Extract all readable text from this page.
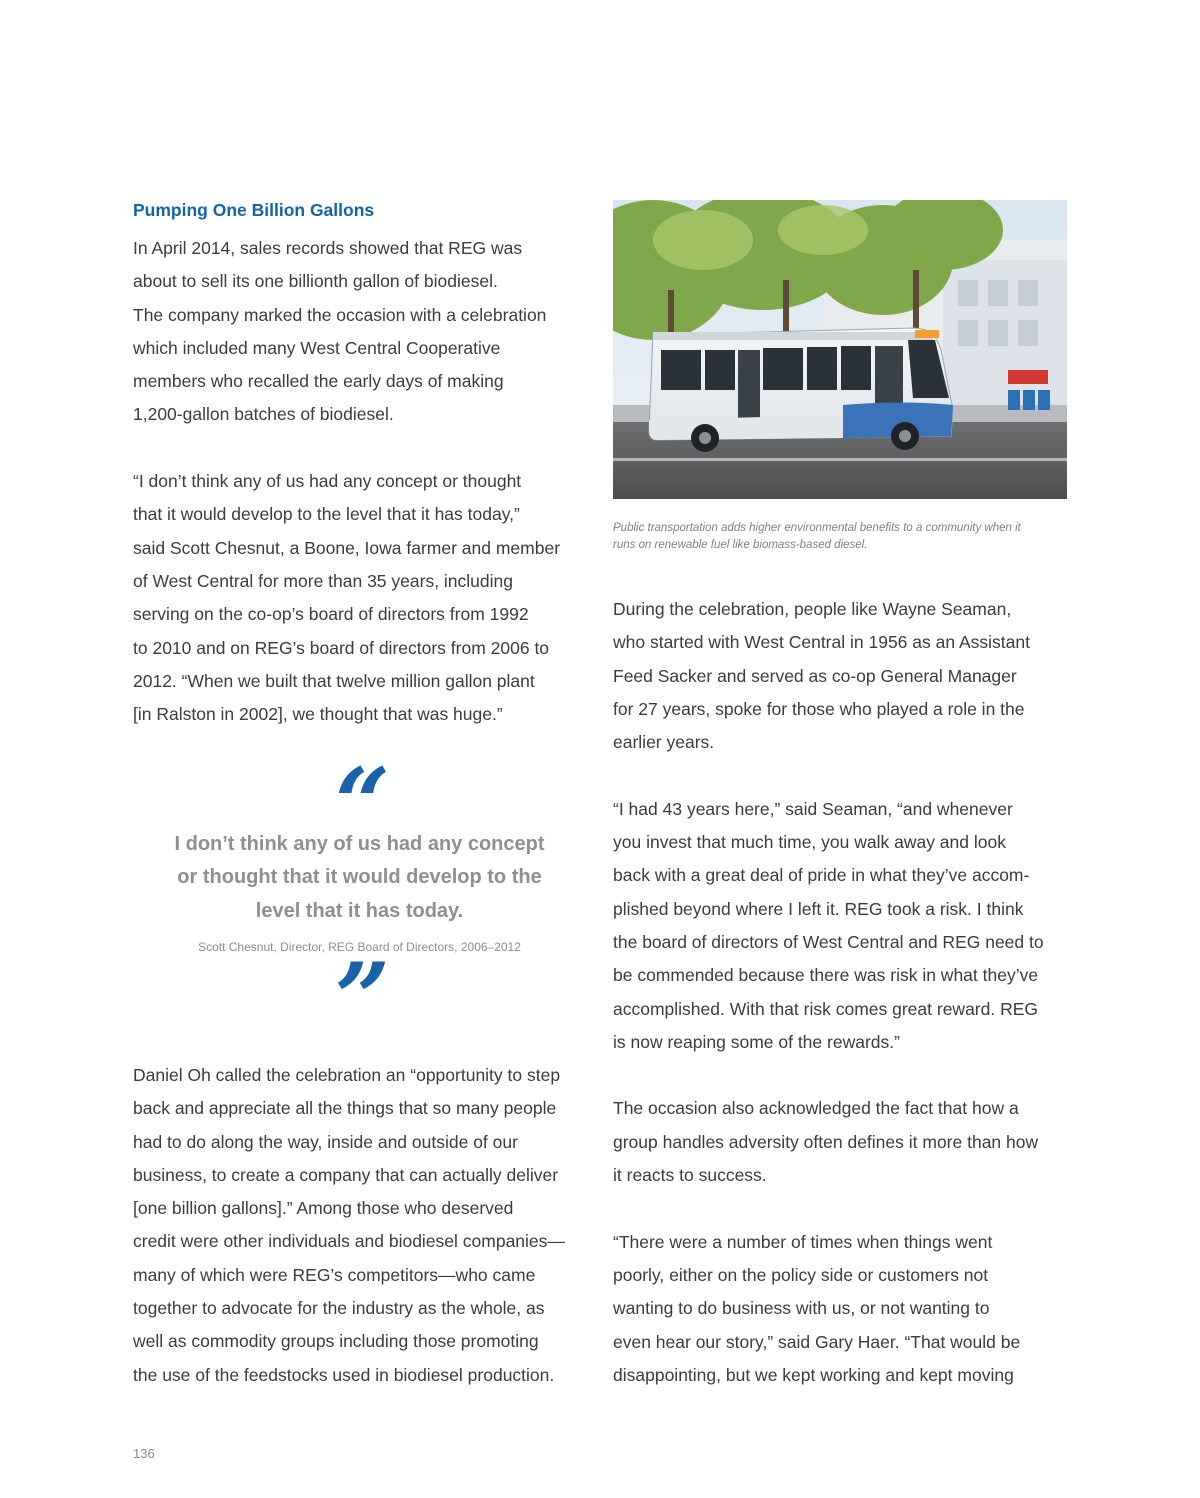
Pumping One Billion Gallons
In April 2014, sales records showed that REG was
about to sell its one billionth gallon of biodiesel.
The company marked the occasion with a celebration
which included many West Central Cooperative
members who recalled the early days of making
1,200-gallon batches of biodiesel.
“I don’t think any of us had any concept or thought
that it would develop to the level that it has today,”
said Scott Chesnut, a Boone, Iowa farmer and member
of West Central for more than 35 years, including
serving on the co-op’s board of directors from 1992
to 2010 and on REG’s board of directors from 2006 to
2012. “When we built that twelve million gallon plant
[in Ralston in 2002], we thought that was huge.”
“
I don’t think any of us had any concept
or thought that it would develop to the
level that it has today.
Scott Chesnut, Director, REG Board of Directors, 2006–2012
”
Daniel Oh called the celebration an “opportunity to step
back and appreciate all the things that so many people
had to do along the way, inside and outside of our
business, to create a company that can actually deliver
[one billion gallons].” Among those who deserved
credit were other individuals and biodiesel companies—
many of which were REG’s competitors—who came
together to advocate for the industry as the whole, as
well as commodity groups including those promoting
the use of the feedstocks used in biodiesel production.
Public transportation adds higher environmental benefits to a community when it
runs on renewable fuel like biomass-based diesel.
During the celebration, people like Wayne Seaman,
who started with West Central in 1956 as an Assistant
Feed Sacker and served as co-op General Manager
for 27 years, spoke for those who played a role in the
earlier years.
“I had 43 years here,” said Seaman, “and whenever
you invest that much time, you walk away and look
back with a great deal of pride in what they’ve accom-
plished beyond where I left it. REG took a risk. I think
the board of directors of West Central and REG need to
be commended because there was risk in what they’ve
accomplished. With that risk comes great reward. REG
is now reaping some of the rewards.”
The occasion also acknowledged the fact that how a
group handles adversity often defines it more than how
it reacts to success.
“There were a number of times when things went
poorly, either on the policy side or customers not
wanting to do business with us, or not wanting to
even hear our story,” said Gary Haer. “That would be
disappointing, but we kept working and kept moving
136
